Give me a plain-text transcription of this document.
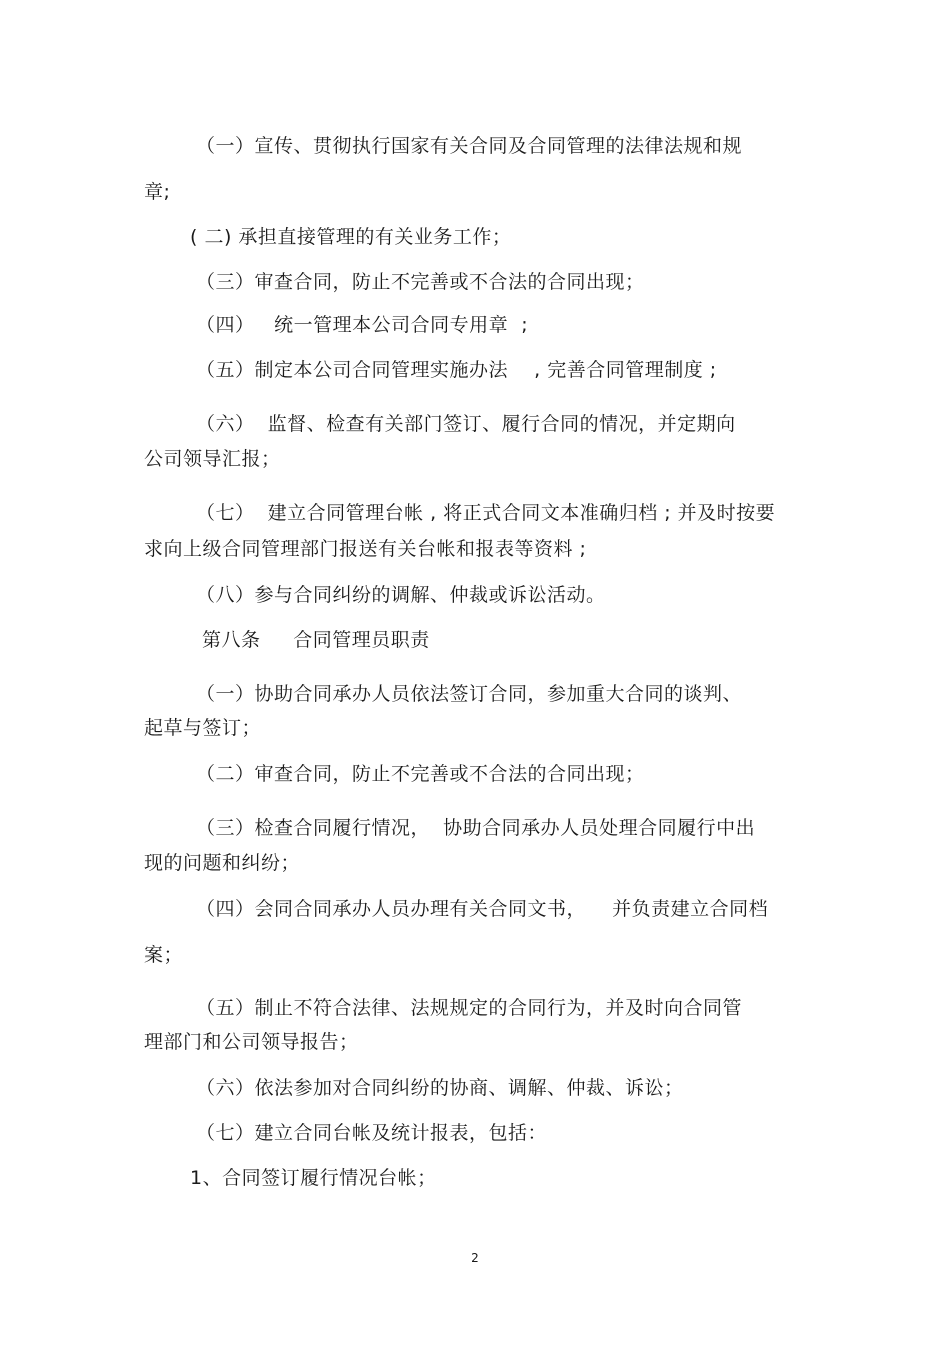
（一）宣传、贯彻执行国家有关合同及合同管理的法律法规和规
章;
( 二) 承担直接管理的有关业务工作；
（三）审查合同，防止不完善或不合法的合同出现；
（四）   统一管理本公司合同专用章  ;
（五）制定本公司合同管理实施办法    , 完善合同管理制度 ;
（六）  监督、检查有关部门签订、履行合同的情况，并定期向
公司领导汇报；
（七）  建立合同管理台帐 , 将正式合同文本准确归档 ; 并及时按要
求向上级合同管理部门报送有关台帐和报表等资料 ;
（八）参与合同纠纷的调解、仲裁或诉讼活动。
第八条     合同管理员职责
（一）协助合同承办人员依法签订合同，参加重大合同的谈判、
起草与签订；
（二）审查合同，防止不完善或不合法的合同出现；
（三）检查合同履行情况，  协助合同承办人员处理合同履行中出
现的问题和纠纷；
（四）会同合同承办人员办理有关合同文书，    并负责建立合同档
案；
（五）制止不符合法律、法规规定的合同行为，并及时向合同管
理部门和公司领导报告；
（六）依法参加对合同纠纷的协商、调解、仲裁、诉讼；
（七）建立合同台帐及统计报表，包括：
1、合同签订履行情况台帐；
2
